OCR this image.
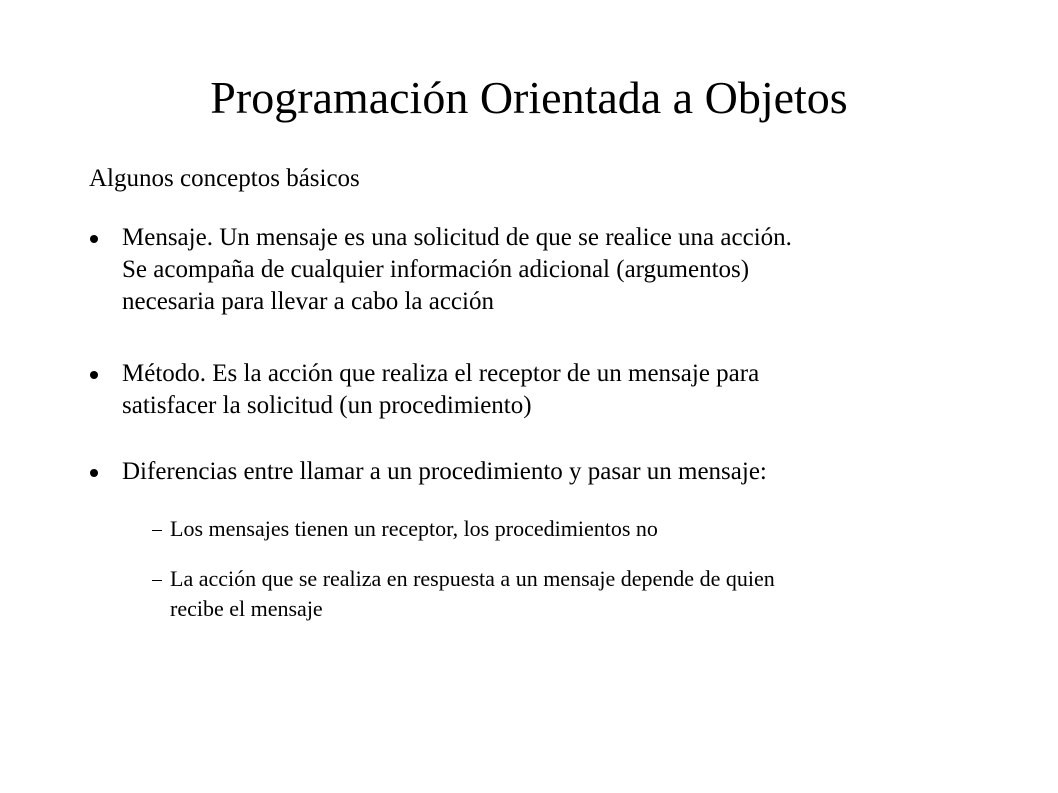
Programación Orientada a Objetos

Algunos conceptos básicos

Mensaje. Un mensaje es una solicitud de que se realice una acción.
Se acompaña de cualquier información adicional (argumentos)
necesaria para llevar a cabo la acción
Método. Es la acción que realiza el receptor de un mensaje para
satisfacer la solicitud (un procedimiento)
Diferencias entre llamar a un procedimiento y pasar un mensaje:
Los mensajes tienen un receptor, los procedimientos no
La acción que se realiza en respuesta a un mensaje depende de quien
recibe el mensaje
